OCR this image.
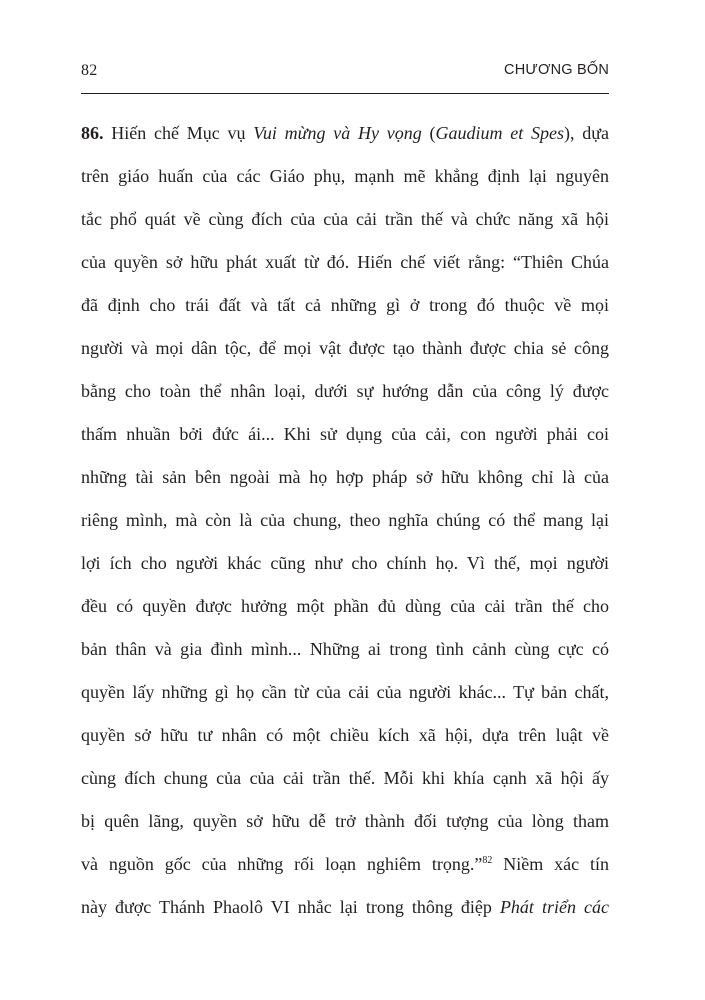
82	CHƯƠNG BỐN
86. Hiến chế Mục vụ Vui mừng và Hy vọng (Gaudium et Spes), dựa
trên giáo huấn của các Giáo phụ, mạnh mẽ khẳng định lại nguyên
tắc phổ quát về cùng đích của của cải trần thế và chức năng xã hội
của quyền sở hữu phát xuất từ đó. Hiến chế viết rằng: “Thiên Chúa
đã định cho trái đất và tất cả những gì ở trong đó thuộc về mọi
người và mọi dân tộc, để mọi vật được tạo thành được chia sẻ công
bằng cho toàn thể nhân loại, dưới sự hướng dẫn của công lý được
thấm nhuần bởi đức ái... Khi sử dụng của cải, con người phải coi
những tài sản bên ngoài mà họ hợp pháp sở hữu không chỉ là của
riêng mình, mà còn là của chung, theo nghĩa chúng có thể mang lại
lợi ích cho người khác cũng như cho chính họ. Vì thế, mọi người
đều có quyền được hưởng một phần đủ dùng của cải trần thế cho
bản thân và gia đình mình... Những ai trong tình cảnh cùng cực có
quyền lấy những gì họ cần từ của cải của người khác... Tự bản chất,
quyền sở hữu tư nhân có một chiều kích xã hội, dựa trên luật về
cùng đích chung của của cải trần thế. Mỗi khi khía cạnh xã hội ấy
bị quên lãng, quyền sở hữu dễ trở thành đối tượng của lòng tham
và nguồn gốc của những rối loạn nghiêm trọng.”$^{82}$ Niềm xác tín
này được Thánh Phaolô VI nhắc lại trong thông điệp Phát triển các
